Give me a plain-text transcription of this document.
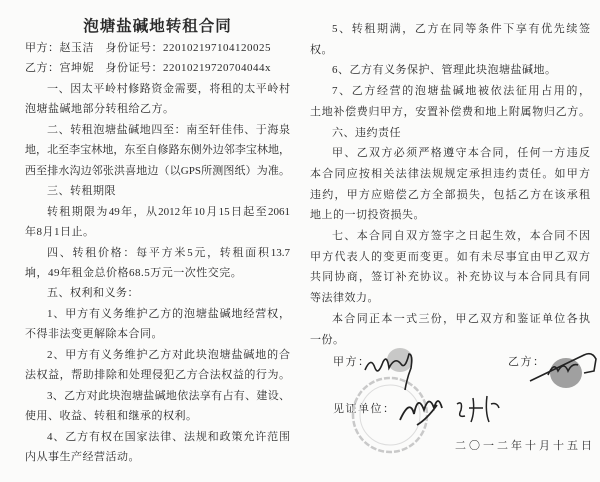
泡塘盐碱地转租合同
甲方：赵玉洁　身份证号：220102197104120025
乙方：宫坤妮　身份证号：22010219720704044x
一、因太平岭村修路资金需要，将租的太平岭村
泡塘盐碱地部分转租给乙方。
二、转租泡塘盐碱地四至：南至轩佳伟、于海泉
地，北至李宝林地，东至自修路东侧外边邻李宝林地，
西至排水沟边邻张洪喜地边（以GPS所测图纸）为准。
三、转租期限
转租期限为49年，从2012年10月15日起至2061
年8月1日止。
四、转租价格：每平方米5元，转租面积13.7
垧，49年租金总价格68.5万元一次性交完。
五、权利和义务：
1、甲方有义务维护乙方的泡塘盐碱地经营权，
不得非法变更解除本合同。
2、甲方有义务维护乙方对此块泡塘盐碱地的合
法权益，帮助排除和处理侵犯乙方合法权益的行为。
3、乙方对此块泡塘盐碱地依法享有占有、建设、
使用、收益、转租和继承的权利。
4、乙方有权在国家法律、法规和政策允许范围
内从事生产经营活动。
5、转租期满，乙方在同等条件下享有优先续签
权。
6、乙方有义务保护、管理此块泡塘盐碱地。
7、乙方经营的泡塘盐碱地被依法征用占用的，
土地补偿费归甲方，安置补偿费和地上附属物归乙方。
六、违约责任
甲、乙双方必须严格遵守本合同，任何一方违反
本合同应按相关法律法规规定承担违约责任。如甲方
违约，甲方应赔偿乙方全部损失，包括乙方在该承租
地上的一切投资损失。
七、本合同自双方签字之日起生效，本合同不因
甲方代表人的变更而变更。如有未尽事宜由甲乙双方
共同协商，签订补充协议。补充协议与本合同具有同
等法律效力。
本合同正本一式三份，甲乙双方和鉴证单位各执
一份。
甲方：	乙方：
见证单位：
二〇一二年十月十五日
